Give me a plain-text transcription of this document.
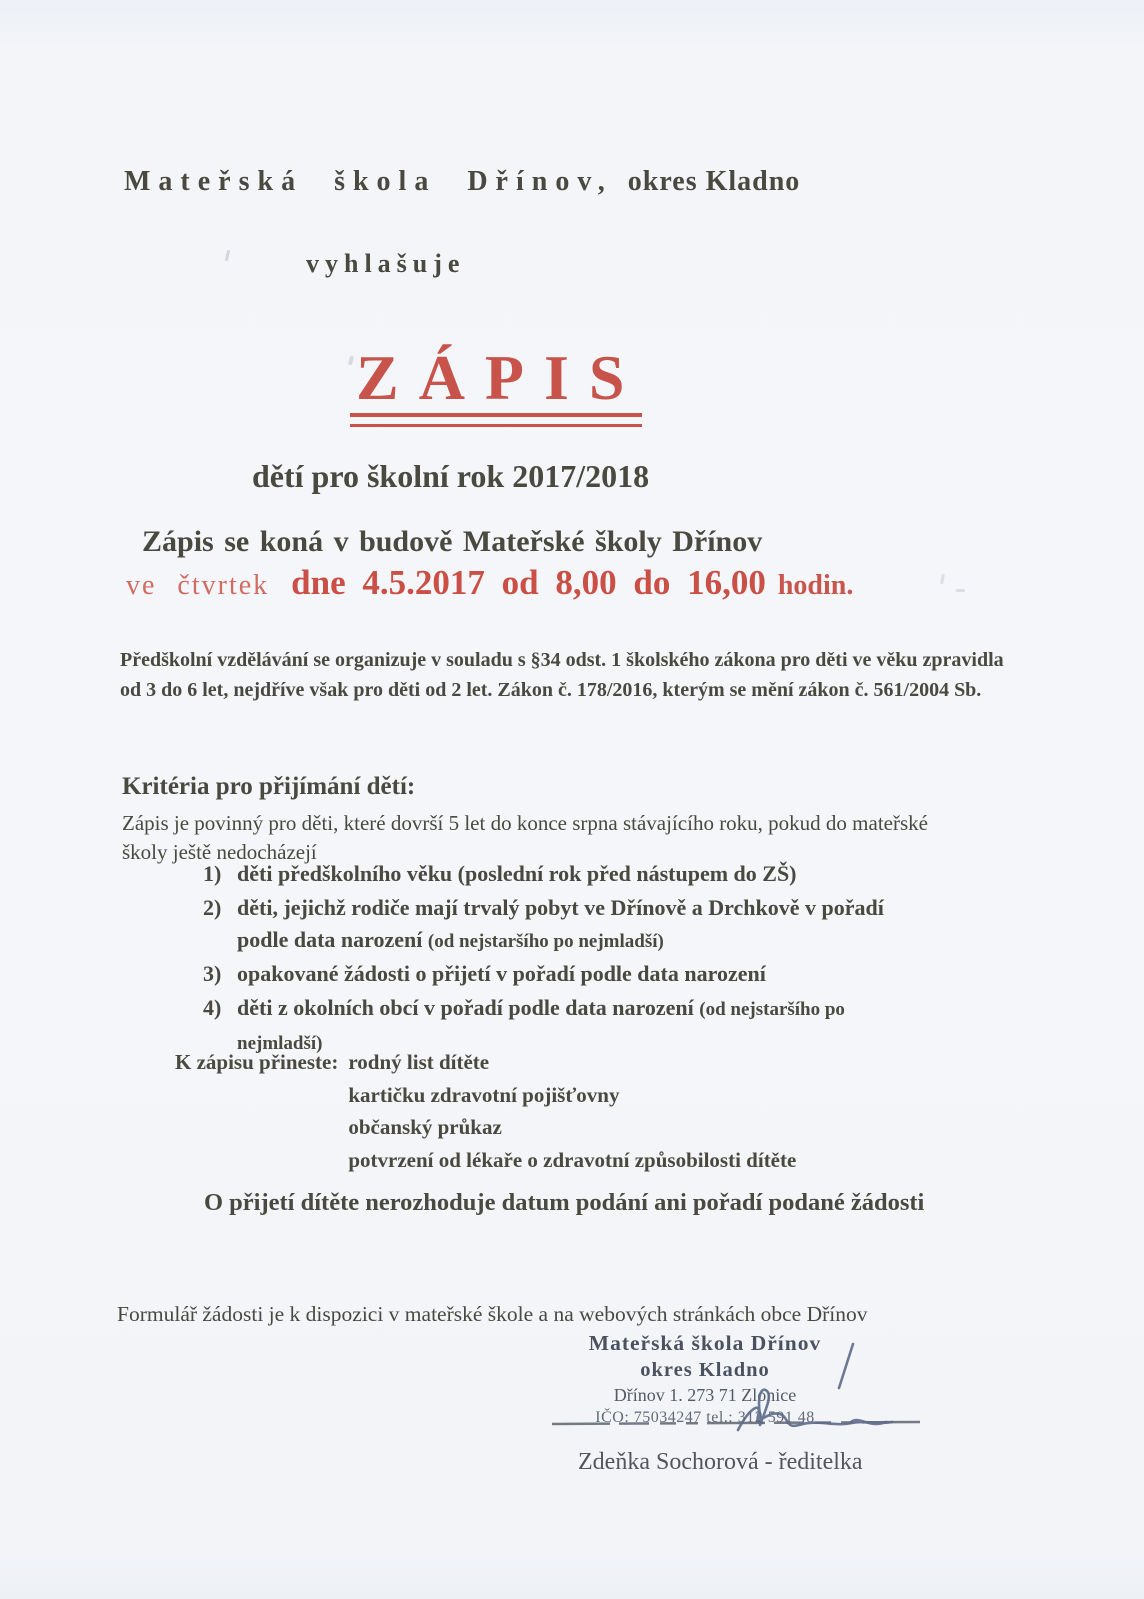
Mateřská škola Dřínov, okres Kladno
vyhlašuje
ZÁPIS
dětí pro školní rok 2017/2018
Zápis se koná v budově Mateřské školy Dřínov
ve čtvrtek dne 4.5.2017 od 8,00 do 16,00 hodin.
Předškolní vzdělávání se organizuje v souladu s §34 odst. 1 školského zákona pro děti ve věku zpravidla od 3 do 6 let, nejdříve však pro děti od 2 let. Zákon č. 178/2016, kterým se mění zákon č. 561/2004 Sb.
Kritéria pro přijímání dětí:
Zápis je povinný pro děti, které dovrší 5 let do konce srpna stávajícího roku, pokud do mateřské školy ještě nedocházejí
1) děti předškolního věku (poslední rok před nástupem do ZŠ)
2) děti, jejichž rodiče mají trvalý pobyt ve Dřínově a Drchkově v pořadí podle data narození (od nejstaršího po nejmladší)
3) opakované žádosti o přijetí v pořadí podle data narození
4) děti z okolních obcí v pořadí podle data narození (od nejstaršího po nejmladší)
K zápisu přineste: rodný list dítěte
kartičku zdravotní pojišťovny
občanský průkaz
potvrzení od lékaře o zdravotní způsobilosti dítěte
O přijetí dítěte nerozhoduje datum podání ani pořadí podané žádosti
Formulář žádosti je k dispozici v mateřské škole a na webových stránkách obce Dřínov
Mateřská škola Dřínov
okres Kladno
Dřínov 1. 273 71 Zlonice
IČO: 75034247 tel.: 312 591 48
Zdeňka Sochorová - ředitelka
